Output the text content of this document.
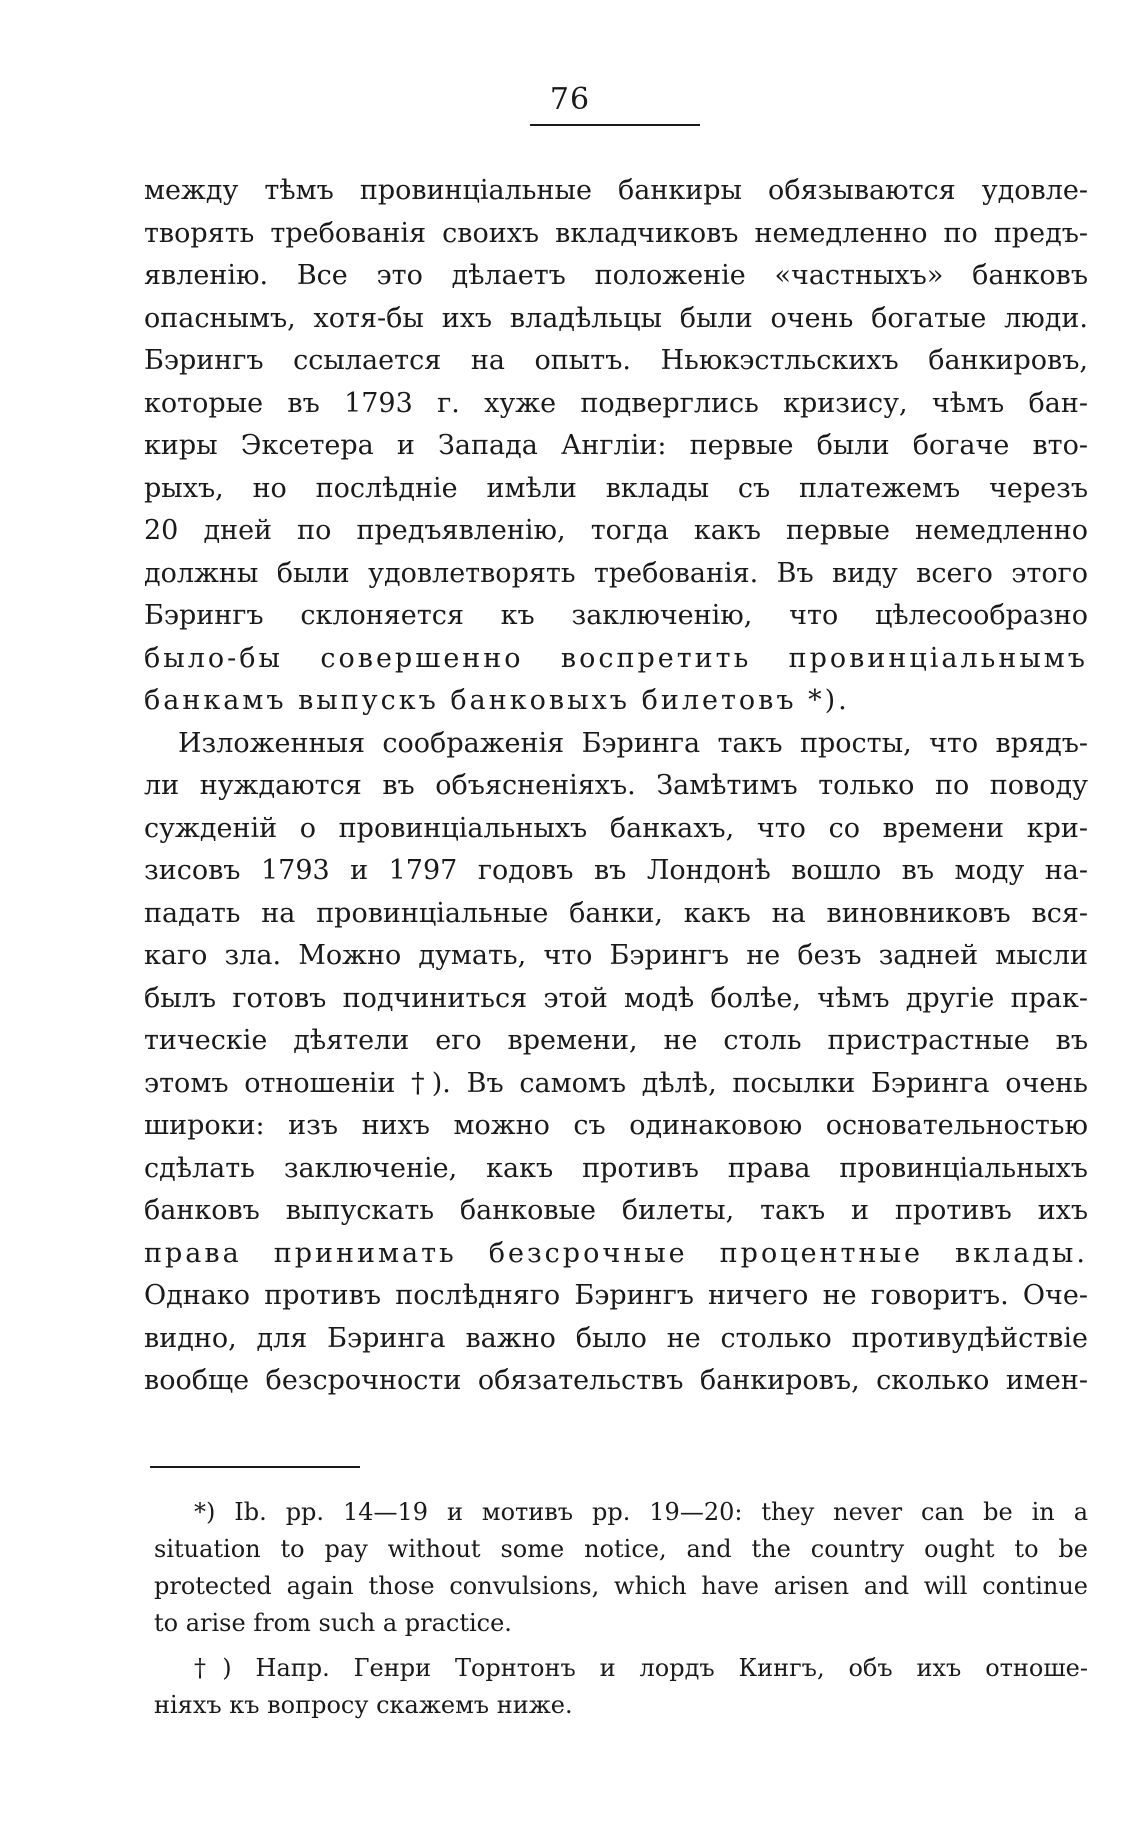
76
между тѣмъ провинціальные банкиры обязываются удовле-
творять требованія своихъ вкладчиковъ немедленно по предъ-
явленію. Все это дѣлаетъ положеніе «частныхъ» банковъ
опаснымъ, хотя-бы ихъ владѣльцы были очень богатые люди.
Бэрингъ ссылается на опытъ. Ньюкэстльскихъ банкировъ,
которые въ 1793 г. хуже подверглись кризису, чѣмъ бан-
киры Эксетера и Запада Англіи: первые были богаче вто-
рыхъ, но послѣдніе имѣли вклады съ платежемъ черезъ
20 дней по предъявленію, тогда какъ первые немедленно
должны были удовлетворять требованія. Въ виду всего этого
Бэрингъ склоняется къ заключенію, что цѣлесообразно
было-бы совершенно воспретить провинціальнымъ
банкамъ выпускъ банковыхъ билетовъ *).
Изложенныя соображенія Бэринга такъ просты, что врядъ-
ли нуждаются въ объясненіяхъ. Замѣтимъ только по поводу
сужденій о провинціальныхъ банкахъ, что со времени кри-
зисовъ 1793 и 1797 годовъ въ Лондонѣ вошло въ моду на-
падать на провинціальные банки, какъ на виновниковъ вся-
каго зла. Можно думать, что Бэрингъ не безъ задней мысли
былъ готовъ подчиниться этой модѣ болѣе, чѣмъ другіе прак-
тическіе дѣятели его времени, не столь пристрастные въ
этомъ отношеніи †). Въ самомъ дѣлѣ, посылки Бэринга очень
широки: изъ нихъ можно съ одинаковою основательностью
сдѣлать заключеніе, какъ противъ права провинціальныхъ
банковъ выпускать банковые билеты, такъ и противъ ихъ
права принимать безсрочные процентные вклады.
Однако противъ послѣдняго Бэрингъ ничего не говоритъ. Оче-
видно, для Бэринга важно было не столько противудѣйствіе
вообще безсрочности обязательствъ банкировъ, сколько имен-
*) Ib. pp. 14—19 и мотивъ pp. 19—20: they never can be in a
situation to pay without some notice, and the country ought to be
protected again those convulsions, which have arisen and will continue
to arise from such a practice.
†) Напр. Генри Торнтонъ и лордъ Кингъ, объ ихъ отноше-
ніяхъ къ вопросу скажемъ ниже.
